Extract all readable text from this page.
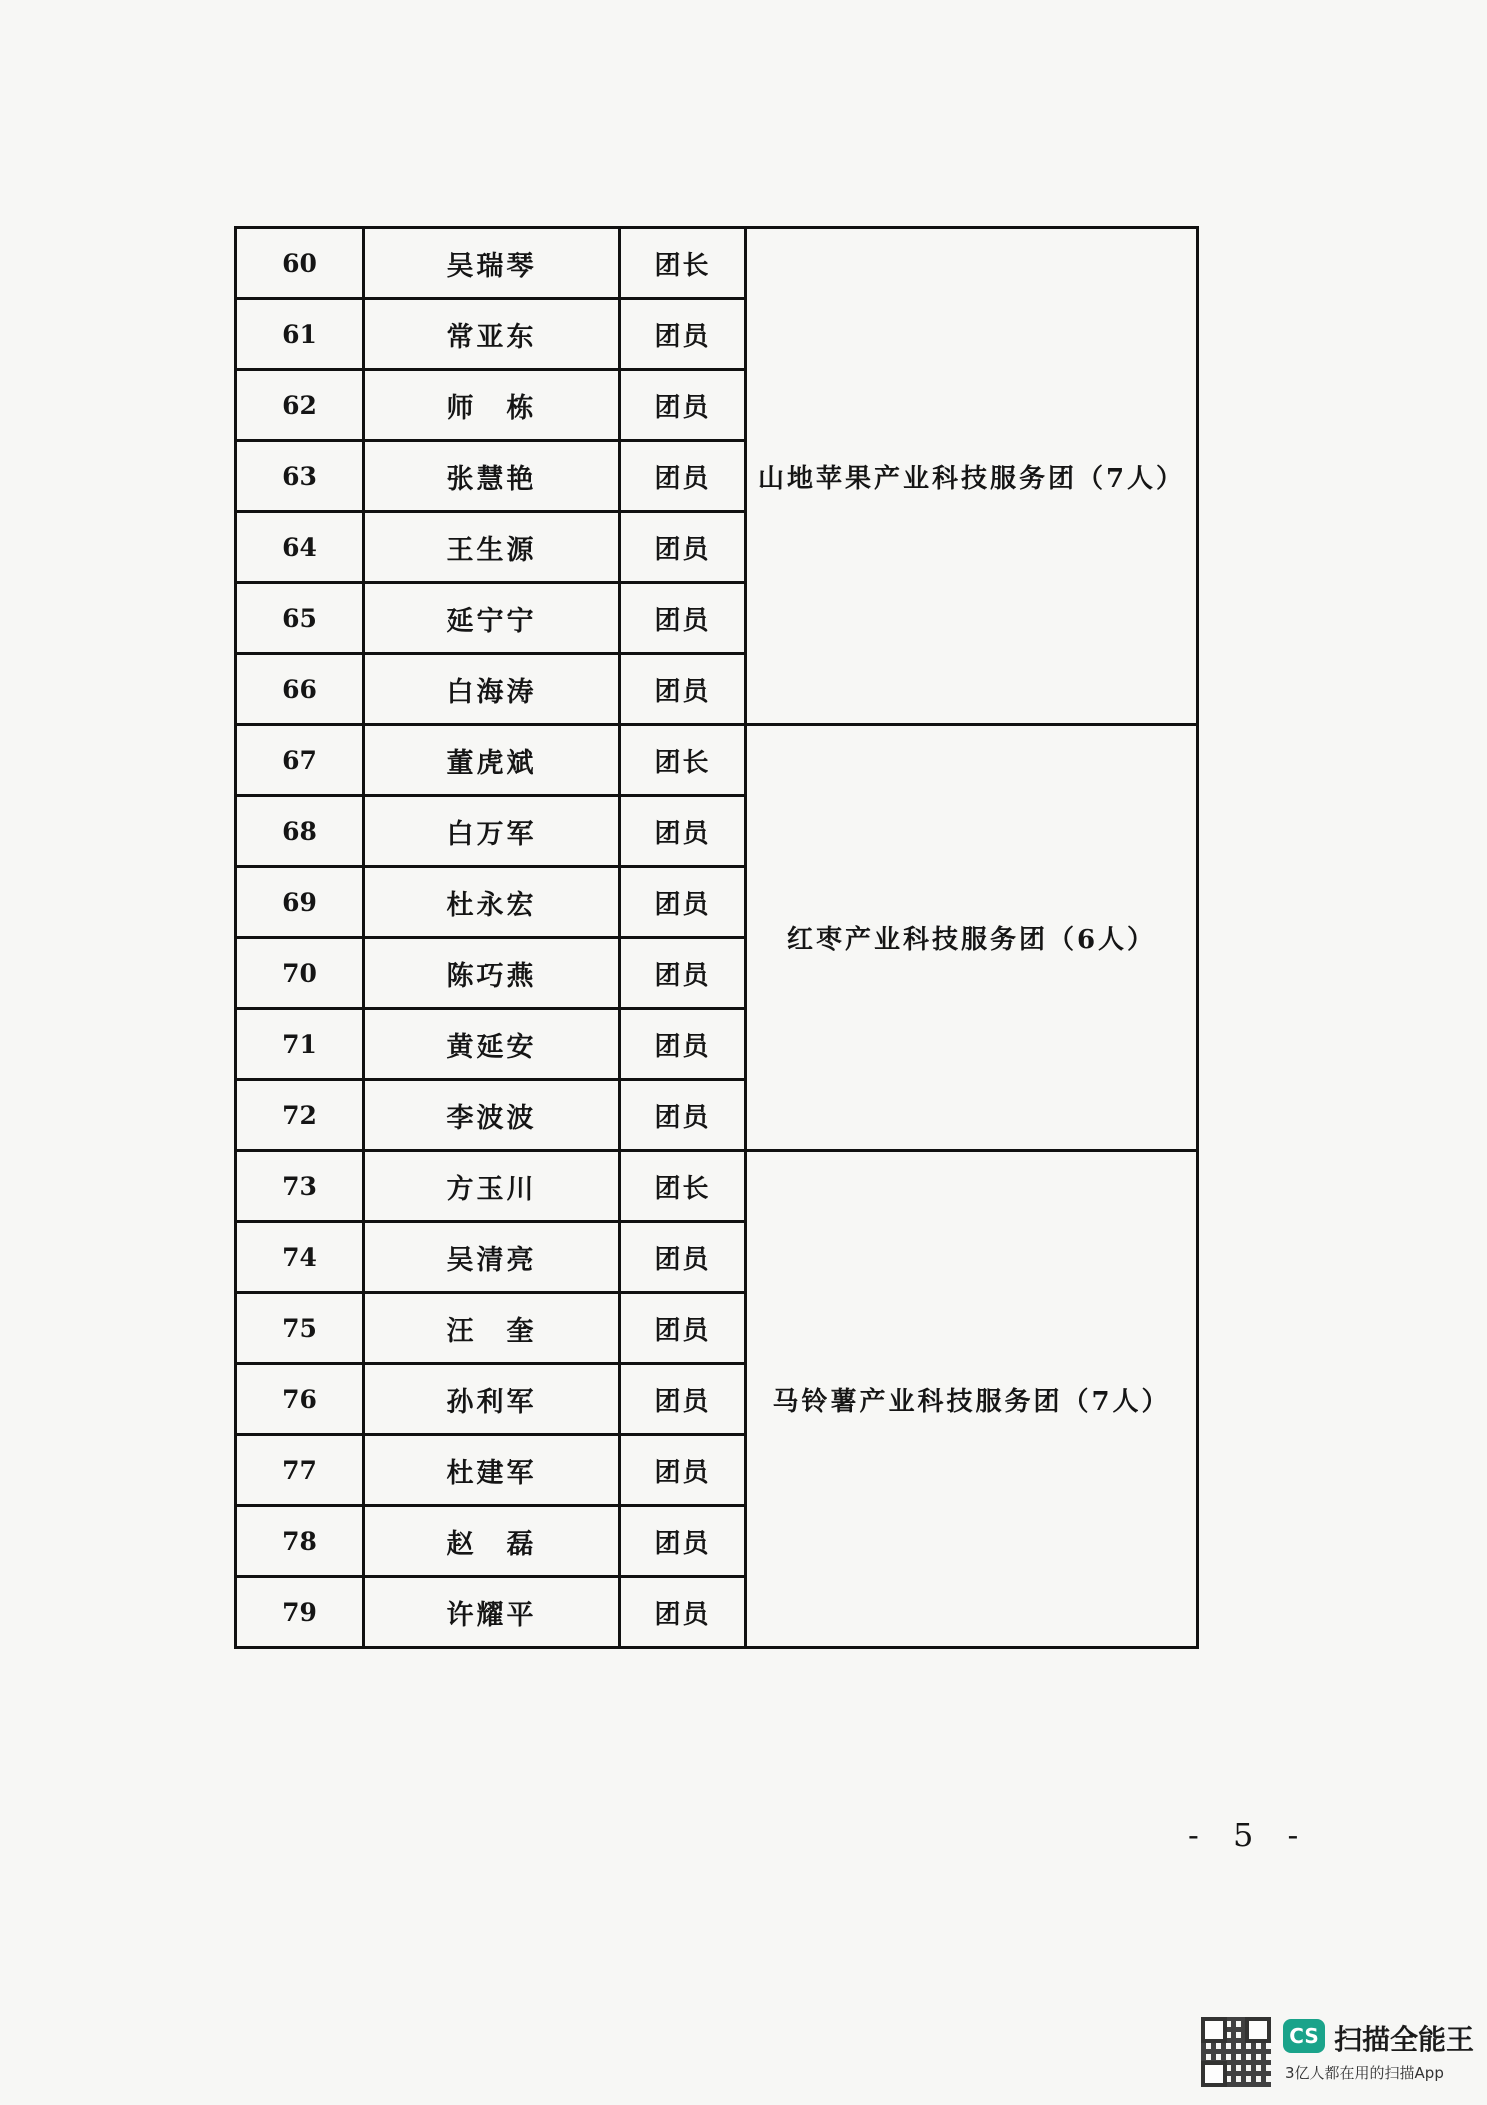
60	吴瑞琴	团长	山地苹果产业科技服务团（7人）
61	常亚东	团员	
62	师　栋	团员	
63	张慧艳	团员	
64	王生源	团员	
65	延宁宁	团员	
66	白海涛	团员	
67	董虎斌	团长	红枣产业科技服务团（6人）
68	白万军	团员	
69	杜永宏	团员	
70	陈巧燕	团员	
71	黄延安	团员	
72	李波波	团员	
73	方玉川	团长	马铃薯产业科技服务团（7人）
74	吴清亮	团员	
75	汪　奎	团员	
76	孙利军	团员	
77	杜建军	团员	
78	赵　磊	团员	
79	许耀平	团员	
- 5 -
CS 扫描全能王
3亿人都在用的扫描App
